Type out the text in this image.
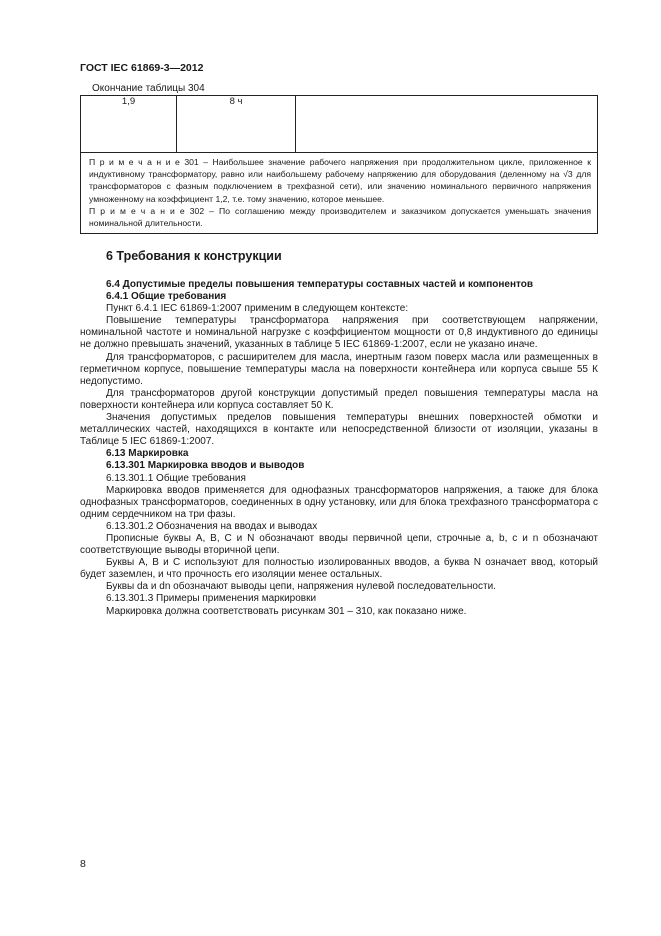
ГОСТ IEC 61869-3—2012
Окончание таблицы 304
1,9	8 ч	

П р и м е ч а н и е 301 – Наибольшее значение рабочего напряжения при продолжительном цикле, приложенное к индуктивному трансформатору, равно или наибольшему рабочему напряжению для оборудования (деленному на √3 для трансформаторов с фазным подключением в трехфазной сети), или значению номинального первичного напряжения умноженному на коэффициент 1,2, т.е. тому значению, которое меньшее.

П р и м е ч а н и е 302 – По соглашению между производителем и заказчиком допускается уменьшать значения номинальной длительности.

6 Требования к конструкции

6.4 Допустимые пределы повышения температуры составных частей и компонентов

6.4.1 Общие требования

Пункт 6.4.1 IEC 61869-1:2007 применим в следующем контексте:

Повышение температуры трансформатора напряжения при соответствующем напряжении, номинальной частоте и номинальной нагрузке с коэффициентом мощности от 0,8 индуктивного до единицы не должно превышать значений, указанных в таблице 5 IEC 61869-1:2007, если не указано иначе.

Для трансформаторов, с расширителем для масла, инертным газом поверх масла или размещенных в герметичном корпусе, повышение температуры масла на поверхности контейнера или корпуса свыше 55 К недопустимо.

Для трансформаторов другой конструкции допустимый предел повышения температуры масла на поверхности контейнера или корпуса составляет 50 К.

Значения допустимых пределов повышения температуры внешних поверхностей обмотки и металлических частей, находящихся в контакте или непосредственной близости от изоляции, указаны в Таблице 5 IEC 61869-1:2007.

6.13 Маркировка

6.13.301 Маркировка вводов и выводов

6.13.301.1 Общие требования

Маркировка вводов применяется для однофазных трансформаторов напряжения, а также для блока однофазных трансформаторов, соединенных в одну установку, или для блока трехфазного трансформатора с одним сердечником на три фазы.

6.13.301.2 Обозначения на вводах и выводах

Прописные буквы A, B, C и N обозначают вводы первичной цепи, строчные a, b, c и n обозначают соответствующие выводы вторичной цепи.

Буквы A, B и C используют для полностью изолированных вводов, а буква N означает ввод, который будет заземлен, и что прочность его изоляции менее остальных.

Буквы da и dn обозначают выводы цепи, напряжения нулевой последовательности.

6.13.301.3 Примеры применения маркировки

Маркировка должна соответствовать рисункам 301 – 310, как показано ниже.

8
